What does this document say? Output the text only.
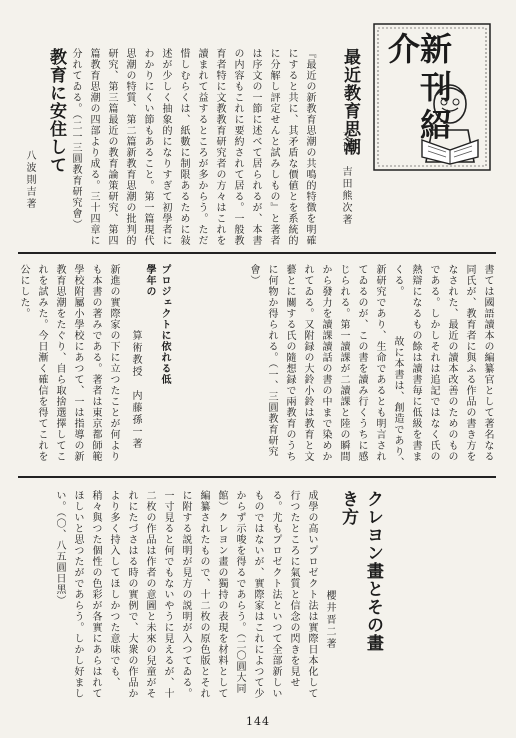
新刊紹介
最近教育思潮
文博　吉田熊次著
『最近の新教育思潮の共鳴的特徴を明確にすると共に、其矛盾な價値とを系統的に分解し評定せんと試みしもの』と著者は序文の一節に述べて居られるが、本書の内容もこれに要約されて居る。一般教育者特に文教教育研究者の方々はこれを讀まれて益するところが多からう。ただ惜しむらくは、紙數に制限あるために敍述が少しく抽象的になりすぎて初學者にわかりにくい節もあること。第一篇現代思潮の特質、第二篇新教育思潮の批判的研究、第三篇最近の教育論策研究、第四篇教育思潮の四部より成る。三十四章に分れてゐる。（二一三圓教育研究會）
教育に安住して
八波則吉著
書ては國語讀本の編纂官として著名なる同氏が、教育者に與ふる作品の書き方をなされた、最近の讀本改善のためのものである。しかしそれは追記ではなく氏の熱辯になるもの餘は讀書毎に低級を書まくる。　　　　故に本書は、創造であり、新研究であり、生命であるとも明言されてゐるのが、この書を讀み行くうちに感じられる。第一讀課が二讀課と陸の瞬間から發力を讀課讀話の書の中まで染めかれてゐる。又附録の大鈴小鈴は教育と文藝とに關する氏の隨想録で兩教育のうちに何物か得られる。（一、三圓教育研究會）
プロジェクトに依れる低學年の
算術教授　内藤孫一著
新進の實際家の下に立つたことが何よりも本書の著みである。著者は東京都師範學校附屬小學校にあつて、一は指導の新教育思潮をたぐり、自ら取捨選擇してこれを試みた。今日漸く確信を得てこれを公にした。
クレヨン畫とその畫き方
櫻井晋二著
成學の高いプロゼクト法は實際日本化して行つたところに氣質と信念の閃きを見せる。尤もプロゼクト法といつて全部新しいものではないが、實際家はこれによつて少からず示唆を得るであらう。（二〇圓大同館）クレヨン畫の獨持の表現を材料として編纂されたもので、十二枚の原色版とそれに附する説明が見方の説明が入つてゐる。一寸見ると何でもないやうに見えるが、十二枚の作品は作者の意圖と未來の兒童がそれにたづさはる時の實例で、大衆の作品かより多く持入してほしかつた意味でも、稍々與つた個性の色彩が各實にあらはれてほしいと思つたがであらう。しかし好ましい。（〇、八五圓日黑）
144
